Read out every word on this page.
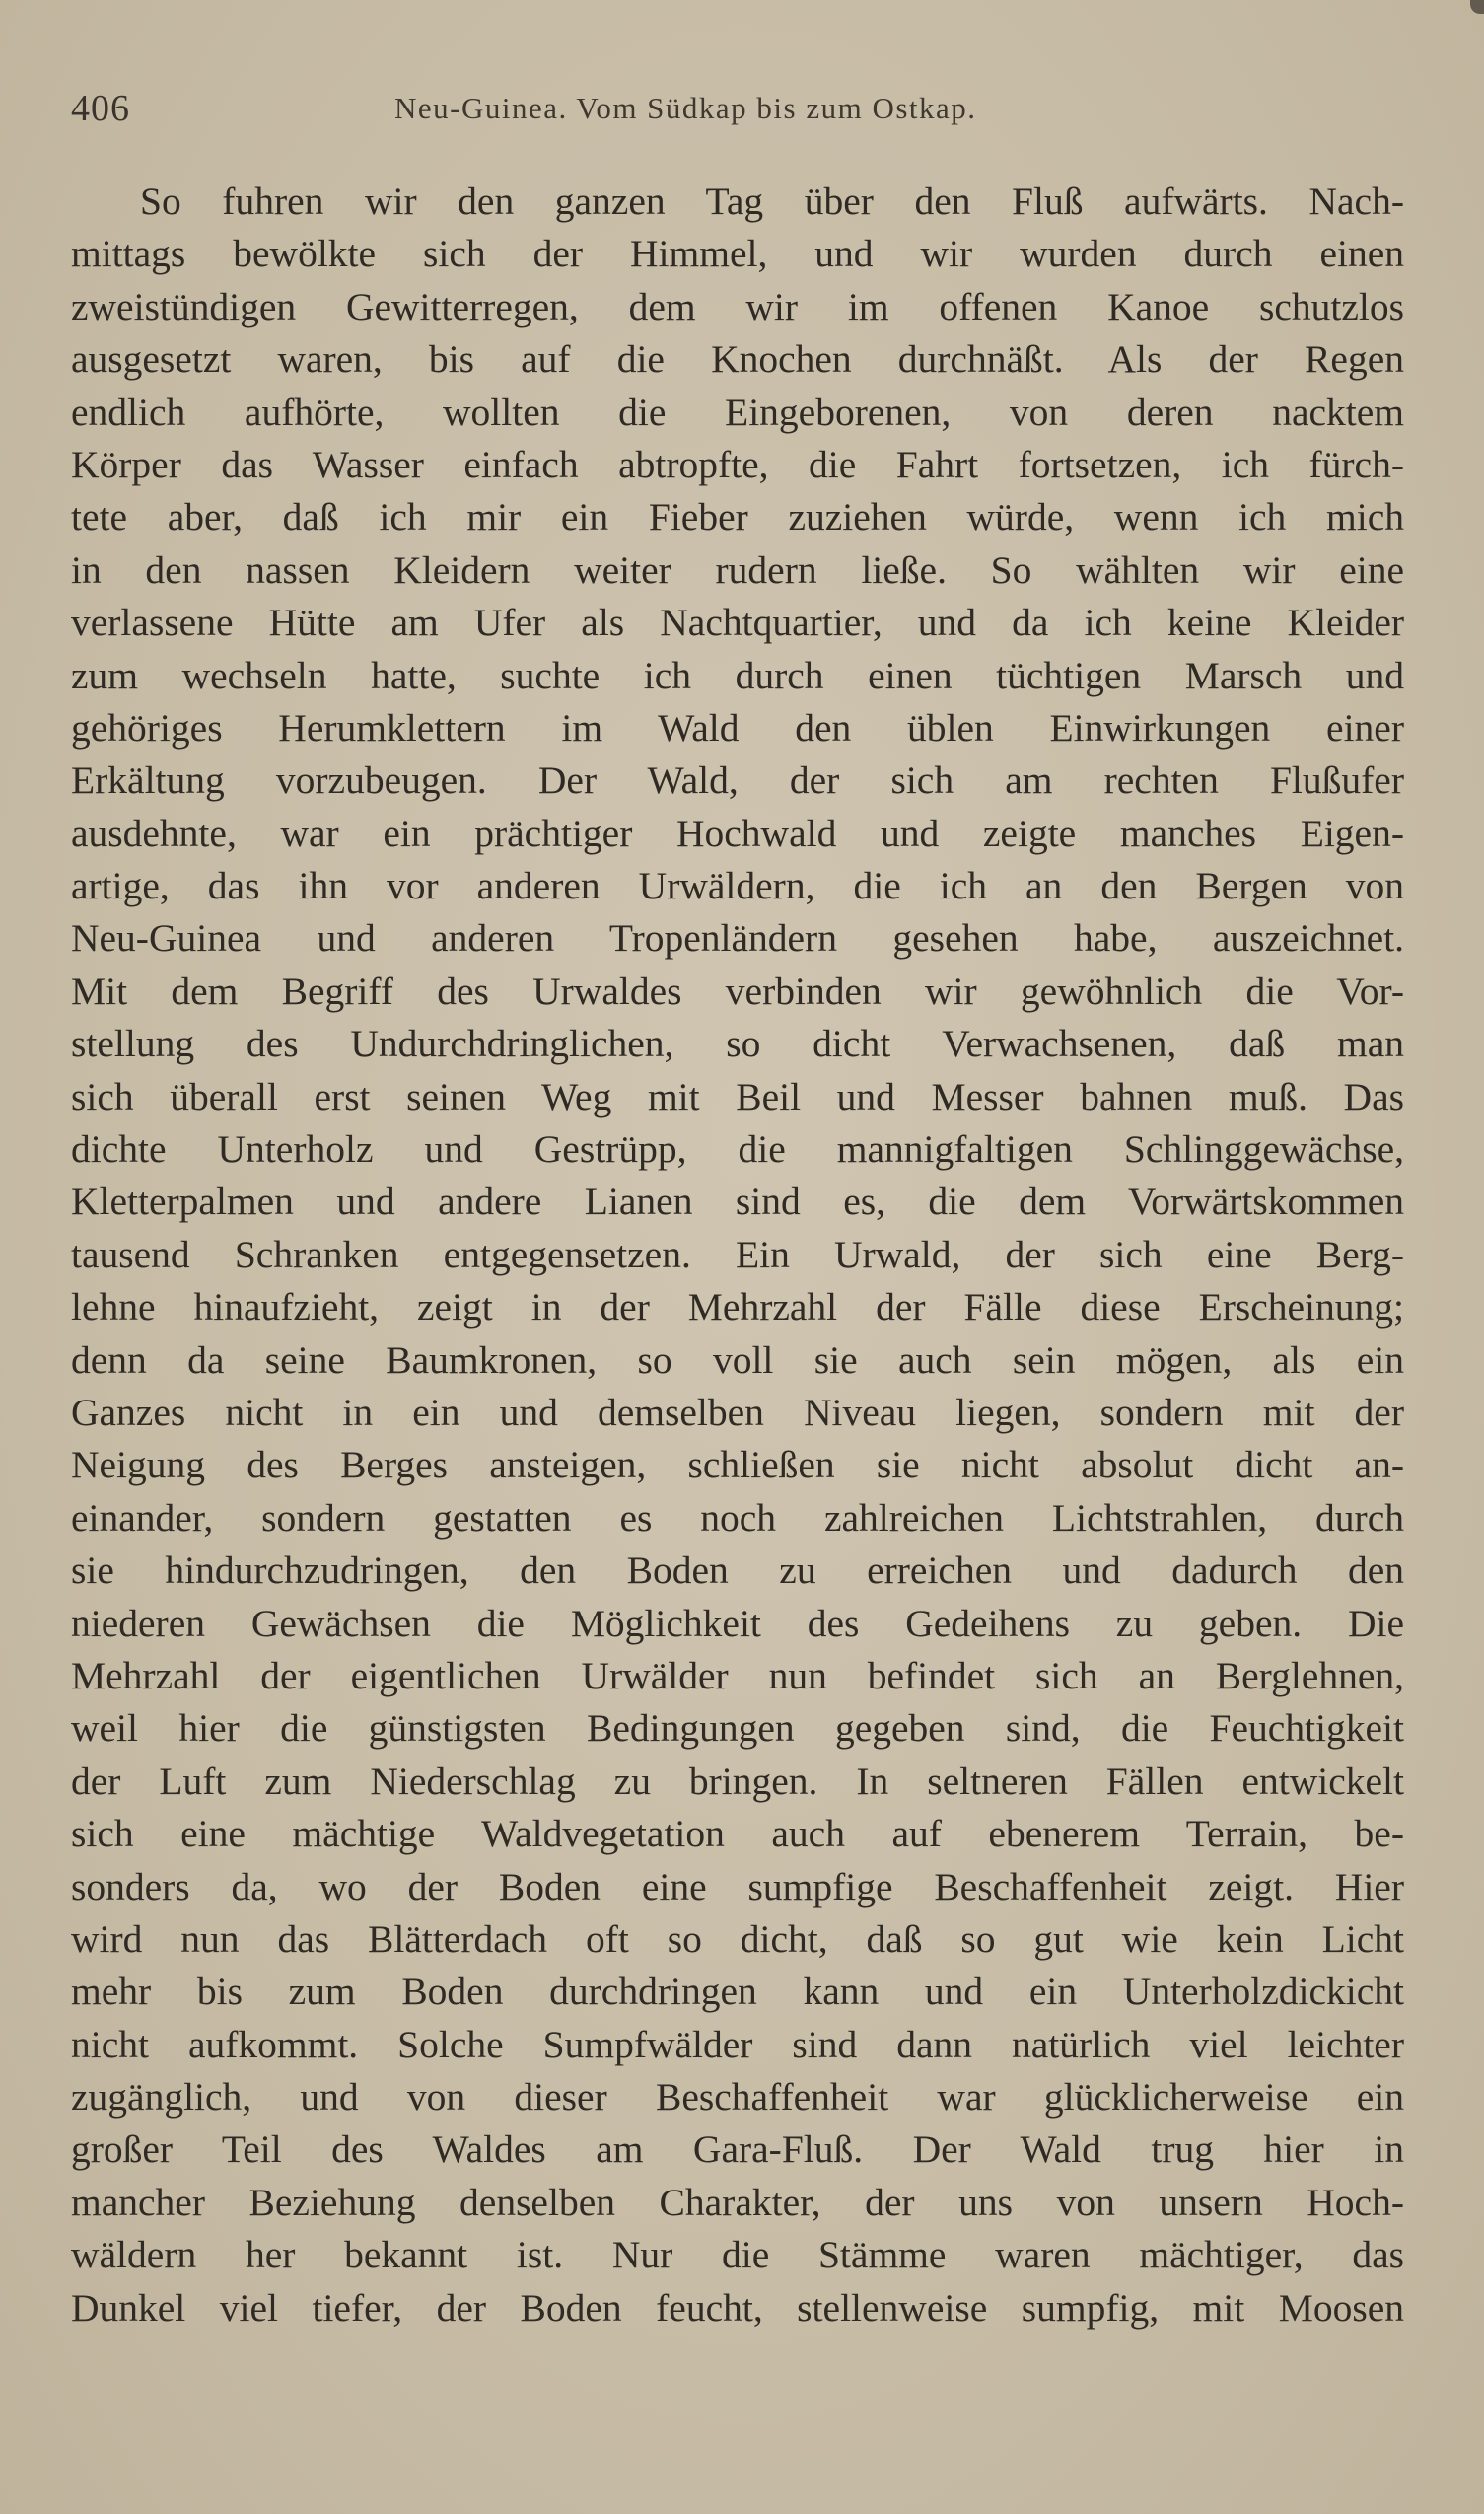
406	Neu-Guinea. Vom Südkap bis zum Ostkap.
So fuhren wir den ganzen Tag über den Fluß aufwärts. Nach-
mittags bewölkte sich der Himmel, und wir wurden durch einen
zweistündigen Gewitterregen, dem wir im offenen Kanoe schutzlos
ausgesetzt waren, bis auf die Knochen durchnäßt. Als der Regen
endlich aufhörte, wollten die Eingeborenen, von deren nacktem
Körper das Wasser einfach abtropfte, die Fahrt fortsetzen, ich fürch-
tete aber, daß ich mir ein Fieber zuziehen würde, wenn ich mich
in den nassen Kleidern weiter rudern ließe. So wählten wir eine
verlassene Hütte am Ufer als Nachtquartier, und da ich keine Kleider
zum wechseln hatte, suchte ich durch einen tüchtigen Marsch und
gehöriges Herumklettern im Wald den üblen Einwirkungen einer
Erkältung vorzubeugen. Der Wald, der sich am rechten Flußufer
ausdehnte, war ein prächtiger Hochwald und zeigte manches Eigen-
artige, das ihn vor anderen Urwäldern, die ich an den Bergen von
Neu-Guinea und anderen Tropenländern gesehen habe, auszeichnet.
Mit dem Begriff des Urwaldes verbinden wir gewöhnlich die Vor-
stellung des Undurchdringlichen, so dicht Verwachsenen, daß man
sich überall erst seinen Weg mit Beil und Messer bahnen muß. Das
dichte Unterholz und Gestrüpp, die mannigfaltigen Schlinggewächse,
Kletterpalmen und andere Lianen sind es, die dem Vorwärtskommen
tausend Schranken entgegensetzen. Ein Urwald, der sich eine Berg-
lehne hinaufzieht, zeigt in der Mehrzahl der Fälle diese Erscheinung;
denn da seine Baumkronen, so voll sie auch sein mögen, als ein
Ganzes nicht in ein und demselben Niveau liegen, sondern mit der
Neigung des Berges ansteigen, schließen sie nicht absolut dicht an-
einander, sondern gestatten es noch zahlreichen Lichtstrahlen, durch
sie hindurchzudringen, den Boden zu erreichen und dadurch den
niederen Gewächsen die Möglichkeit des Gedeihens zu geben. Die
Mehrzahl der eigentlichen Urwälder nun befindet sich an Berglehnen,
weil hier die günstigsten Bedingungen gegeben sind, die Feuchtigkeit
der Luft zum Niederschlag zu bringen. In seltneren Fällen entwickelt
sich eine mächtige Waldvegetation auch auf ebenerem Terrain, be-
sonders da, wo der Boden eine sumpfige Beschaffenheit zeigt. Hier
wird nun das Blätterdach oft so dicht, daß so gut wie kein Licht
mehr bis zum Boden durchdringen kann und ein Unterholzdickicht
nicht aufkommt. Solche Sumpfwälder sind dann natürlich viel leichter
zugänglich, und von dieser Beschaffenheit war glücklicherweise ein
großer Teil des Waldes am Gara-Fluß. Der Wald trug hier in
mancher Beziehung denselben Charakter, der uns von unsern Hoch-
wäldern her bekannt ist. Nur die Stämme waren mächtiger, das
Dunkel viel tiefer, der Boden feucht, stellenweise sumpfig, mit Moosen
